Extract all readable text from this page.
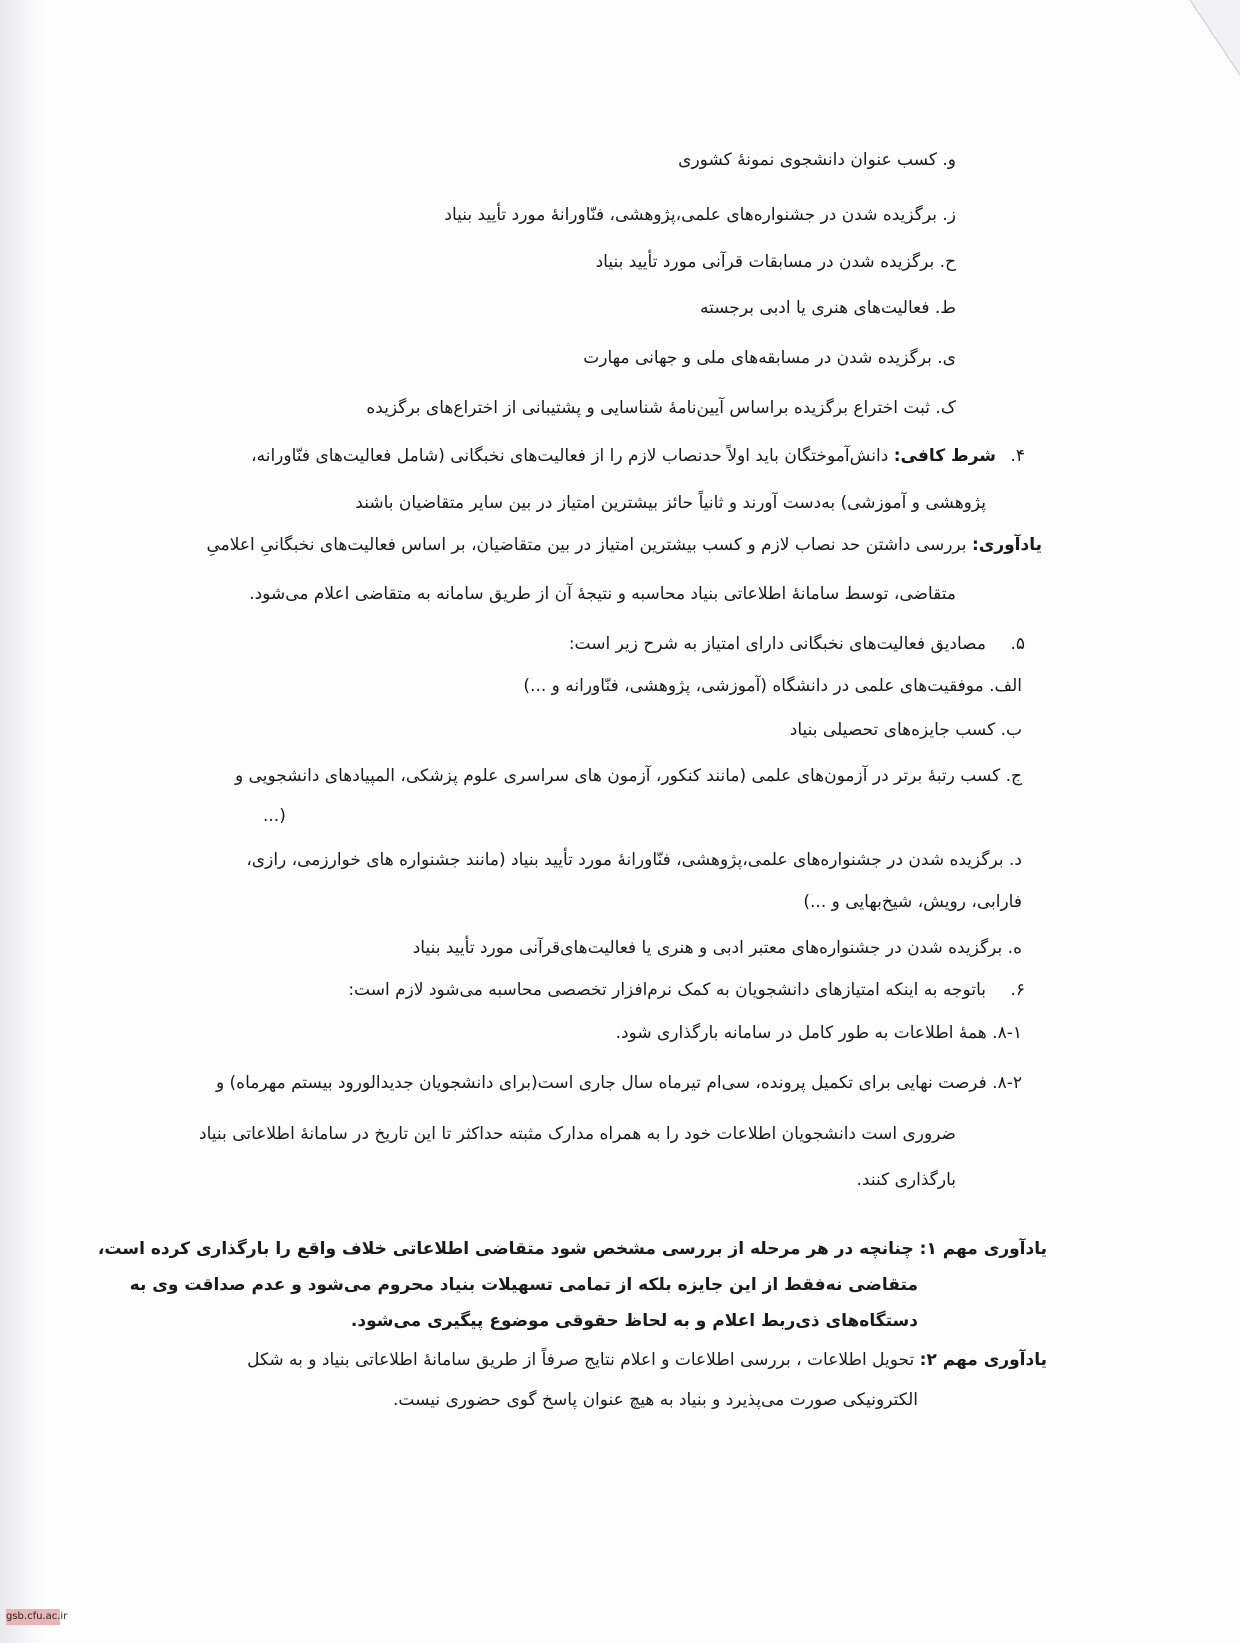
و. کسب عنوان دانشجوی نمونهٔ کشوری
ز. برگزیده شدن در جشنواره‌های علمی،پژوهشی، فنّاورانهٔ مورد تأیید بنیاد
ح. برگزیده شدن در مسابقات قرآنی مورد تأیید بنیاد
ط. فعالیت‌های هنری یا ادبی برجسته
ی. برگزیده شدن در مسابقه‌های ملی و جهانی مهارت
ک. ثبت اختراع برگزیده براساس آیین‌نامهٔ شناسایی و پشتیبانی از اختراع‌های برگزیده
۴.
شرط کافی: دانش‌آموختگان باید اولاً حدنصاب لازم را از فعالیت‌های نخبگانی (شامل فعالیت‌های فنّاورانه،
پژوهشی و آموزشی) به‌دست آورند و ثانیاً حائز بیشترین امتیاز در بین سایر متقاضیان باشند
یادآوری: بررسی داشتن حد نصاب لازم و کسب بیشترین امتیاز در بین متقاضیان، بر اساس فعالیت‌های نخبگانیِ اعلامیِ
متقاضی، توسط سامانهٔ اطلاعاتی بنیاد محاسبه و نتیجهٔ آن از طریق سامانه به متقاضی اعلام می‌شود.
۵.
مصادیق فعالیت‌های نخبگانی دارای امتیاز به شرح زیر است:
الف. موفقیت‌های علمی در دانشگاه (آموزشی، پژوهشی، فنّاورانه و ...)
ب. کسب جایزه‌های تحصیلی بنیاد
ج. کسب رتبهٔ برتر در آزمون‌های علمی (مانند کنکور، آزمون های سراسری علوم پزشکی، المپیادهای دانشجویی و
...)
د. برگزیده شدن در جشنواره‌های علمی،پژوهشی، فنّاورانهٔ مورد تأیید بنیاد (مانند جشنواره های خوارزمی، رازی،
فارابی، رویش، شیخ‌بهایی و ...)
ه. برگزیده شدن در جشنواره‌های معتبر ادبی و هنری یا فعالیت‌های‌قرآنی مورد تأیید بنیاد
۶.
باتوجه به اینکه امتیازهای دانشجویان به کمک نرم‌افزار تخصصی محاسبه می‌شود لازم است:
۸-۱. همهٔ اطلاعات به طور کامل در سامانه بارگذاری شود.
۸-۲. فرصت نهایی برای تکمیل پرونده، سی‌ام تیرماه سال جاری است(برای دانشجویان جدیدالورود بیستم مهرماه) و
ضروری است دانشجویان اطلاعات خود را به همراه مدارک مثبته حداکثر تا این تاریخ در سامانهٔ اطلاعاتی بنیاد
بارگذاری کنند.
یادآوری مهم ۱: چنانچه در هر مرحله از بررسی مشخص شود متقاضی اطلاعاتی خلاف واقع را بارگذاری کرده است،
متقاضی نه‌فقط از این جایزه بلکه از تمامی تسهیلات بنیاد محروم می‌شود و عدم صداقت وی به
دستگاه‌های ذی‌ربط اعلام و به لحاظ حقوقی موضوع پیگیری می‌شود.
یادآوری مهم ۲: تحویل اطلاعات ، بررسی اطلاعات و اعلام نتایج صرفاً از طریق سامانهٔ اطلاعاتی بنیاد و به شکل
الکترونیکی صورت می‌پذیرد و بنیاد به هیچ عنوان پاسخ گوی حضوری نیست.
gsb.cfu.ac.ir
